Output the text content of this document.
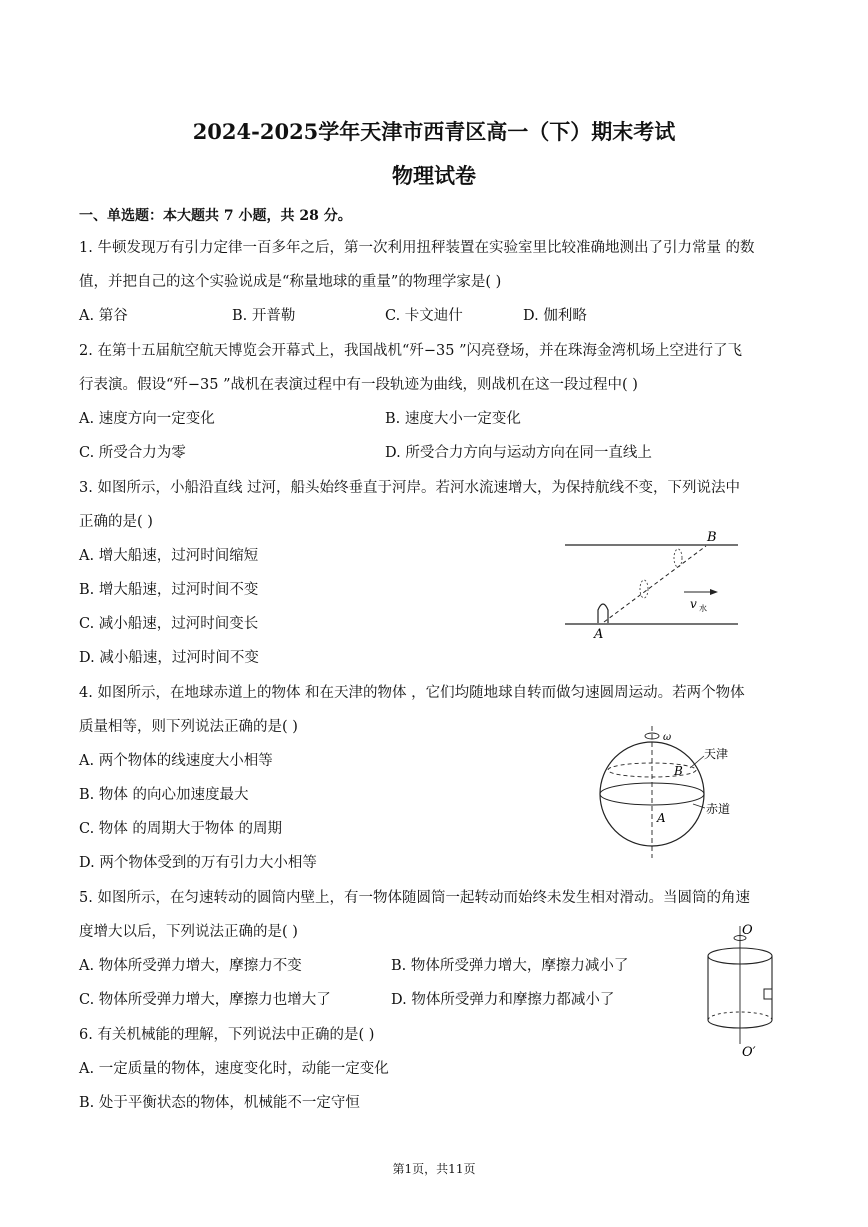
2024-2025学年天津市西青区高一（下）期末考试
物理试卷
一、单选题：本大题共 7 小题，共 28 分。
1. 牛顿发现万有引力定律一百多年之后，第一次利用扭秤装置在实验室里比较准确地测出了引力常量 的数
值，并把自己的这个实验说成是“称量地球的重量”的物理学家是( )
A. 第谷	B. 开普勒	C. 卡文迪什	D. 伽利略
2. 在第十五届航空航天博览会开幕式上，我国战机“歼−35 ”闪亮登场，并在珠海金湾机场上空进行了飞
行表演。假设“歼−35 ”战机在表演过程中有一段轨迹为曲线，则战机在这一段过程中( )
A. 速度方向一定变化	B. 速度大小一定变化
C. 所受合力为零	D. 所受合力方向与运动方向在同一直线上
3. 如图所示，小船沿直线 过河，船头始终垂直于河岸。若河水流速增大，为保持航线不变，下列说法中
正确的是( )
A. 增大船速，过河时间缩短
B. 增大船速，过河时间不变
C. 减小船速，过河时间变长
D. 减小船速，过河时间不变
B
A
v 水
4. 如图所示，在地球赤道上的物体 和在天津的物体 ，它们均随地球自转而做匀速圆周运动。若两个物体
质量相等，则下列说法正确的是( )
A. 两个物体的线速度大小相等
B. 物体 的向心加速度最大
C. 物体 的周期大于物体 的周期
D. 两个物体受到的万有引力大小相等
ω
天津
赤道
B
A
5. 如图所示，在匀速转动的圆筒内壁上，有一物体随圆筒一起转动而始终未发生相对滑动。当圆筒的角速
度增大以后，下列说法正确的是( )
A. 物体所受弹力增大，摩擦力不变	B. 物体所受弹力增大，摩擦力减小了
C. 物体所受弹力增大，摩擦力也增大了	D. 物体所受弹力和摩擦力都减小了
O
O′
6. 有关机械能的理解，下列说法中正确的是( )
A. 一定质量的物体，速度变化时，动能一定变化
B. 处于平衡状态的物体，机械能不一定守恒
第1页，共11页
